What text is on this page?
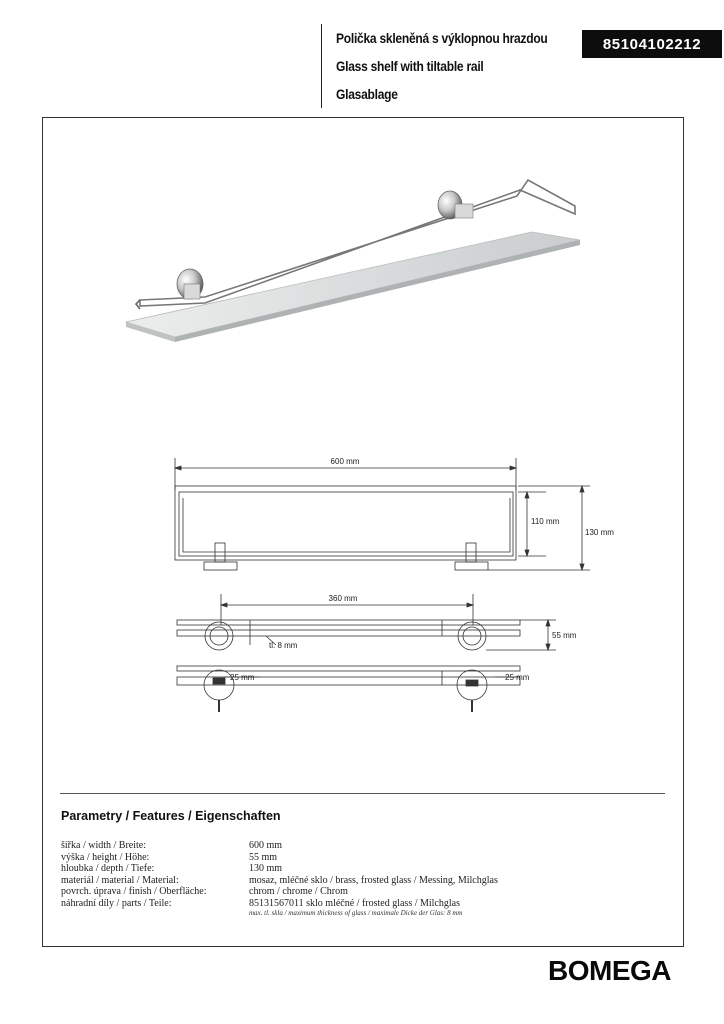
Polička skleněná s výklopnou hrazdou
Glass shelf with tiltable rail
Glasablage
85104102212
600 mm
110 mm
130 mm
360 mm
55 mm
tl. 8 mm
25 mm	25 mm
Parametry / Features / Eigenschaften
šířka / width / Breite:	600 mm
výška / height / Höhe:	55 mm
hloubka / depth / Tiefe:	130 mm
materiál / material / Material:	mosaz, mléčné sklo / brass, frosted glass / Messing, Milchglas
povrch. úprava / finish / Oberfläche:	chrom / chrome / Chrom
náhradní díly / parts / Teile:	85131567011 sklo mléčné / frosted glass / Milchglas
max. tl. skla / maximum thickness of glass / maximale Dicke der Glas: 8 mm
BOMEGA
